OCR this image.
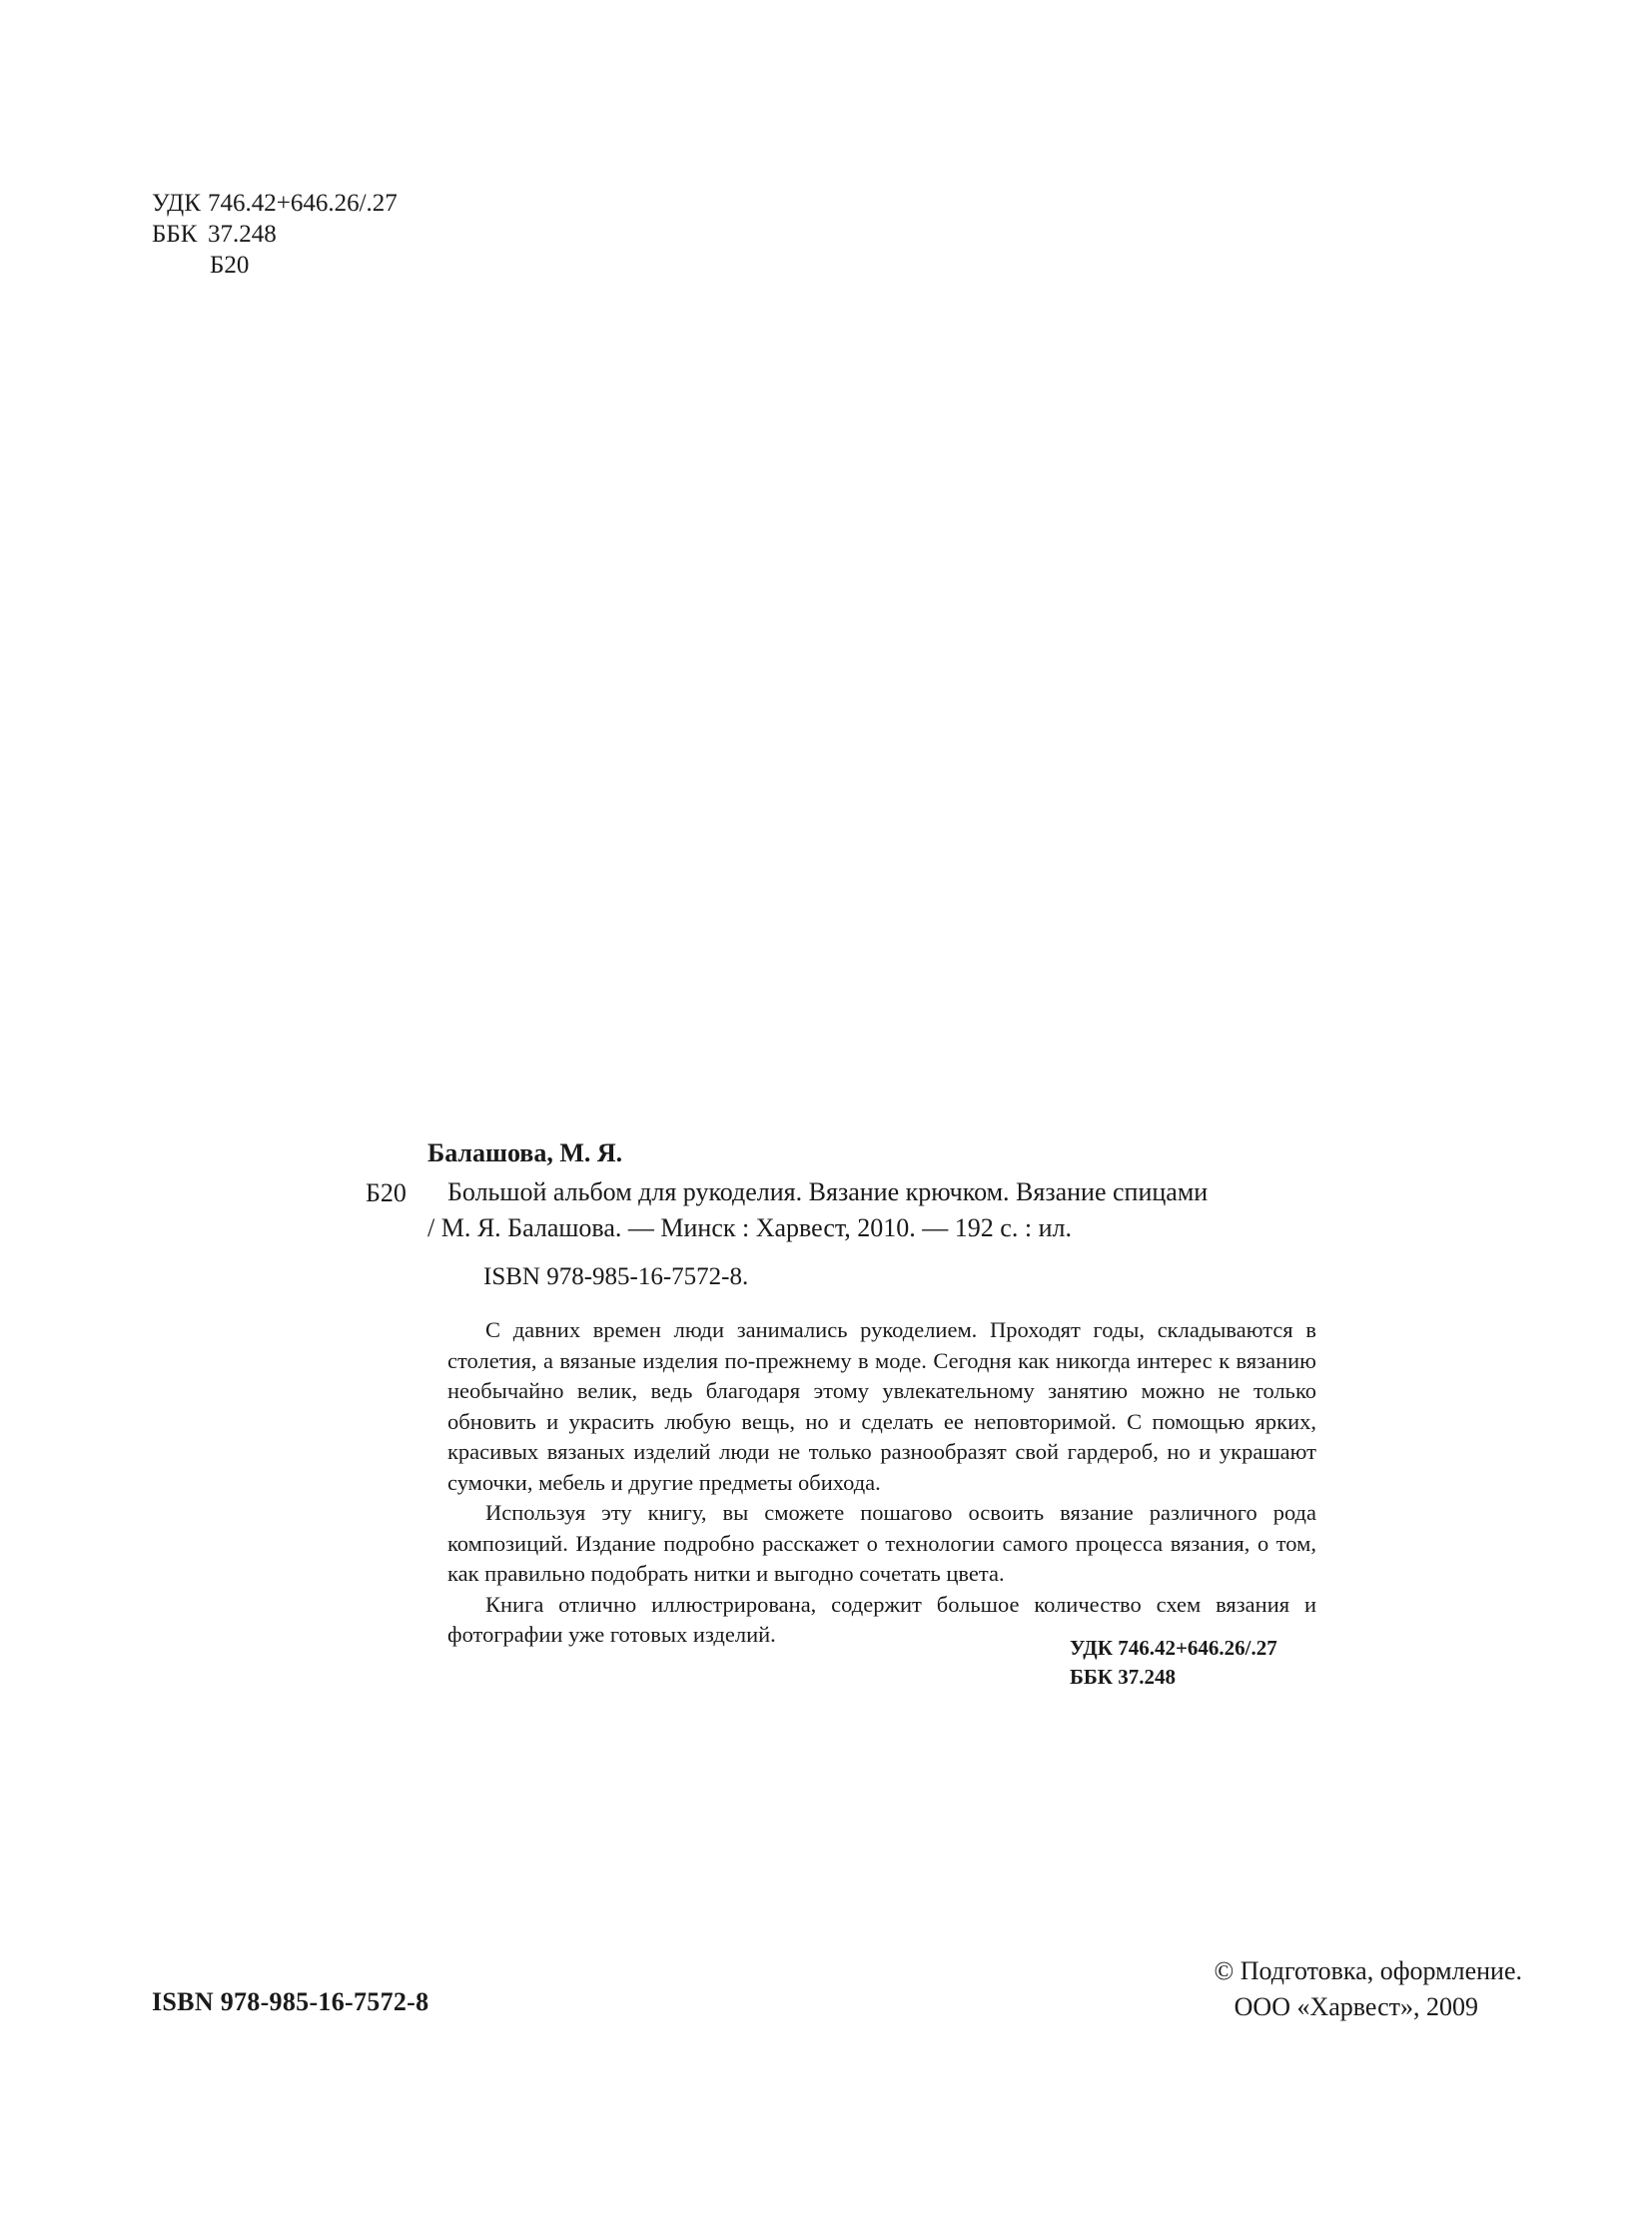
УДК 746.42+646.26/.27
ББК 37.248
Б20
Балашова, М. Я.
Б20 Большой альбом для рукоделия. Вязание крючком. Вязание спицами
/ М. Я. Балашова. — Минск : Харвест, 2010. — 192 с. : ил.
ISBN 978-985-16-7572-8.

С давних времен люди занимались рукоделием. Проходят годы, складываются в столетия, а вязаные изделия по-прежнему в моде. Сегодня как никогда интерес к вязанию необычайно велик, ведь благодаря этому увлекательному занятию можно не только обновить и украсить любую вещь, но и сделать ее неповторимой. С помощью ярких, красивых вязаных изделий люди не только разнообразят свой гардероб, но и украшают сумочки, мебель и другие предметы обихода.

Используя эту книгу, вы сможете пошагово освоить вязание различного рода композиций. Издание подробно расскажет о технологии самого процесса вязания, о том, как правильно подобрать нитки и выгодно сочетать цвета.

Книга отлично иллюстрирована, содержит большое количество схем вязания и фотографии уже готовых изделий.

УДК 746.42+646.26/.27
ББК 37.248
ISBN 978-985-16-7572-8
© Подготовка, оформление.
ООО «Харвест», 2009
